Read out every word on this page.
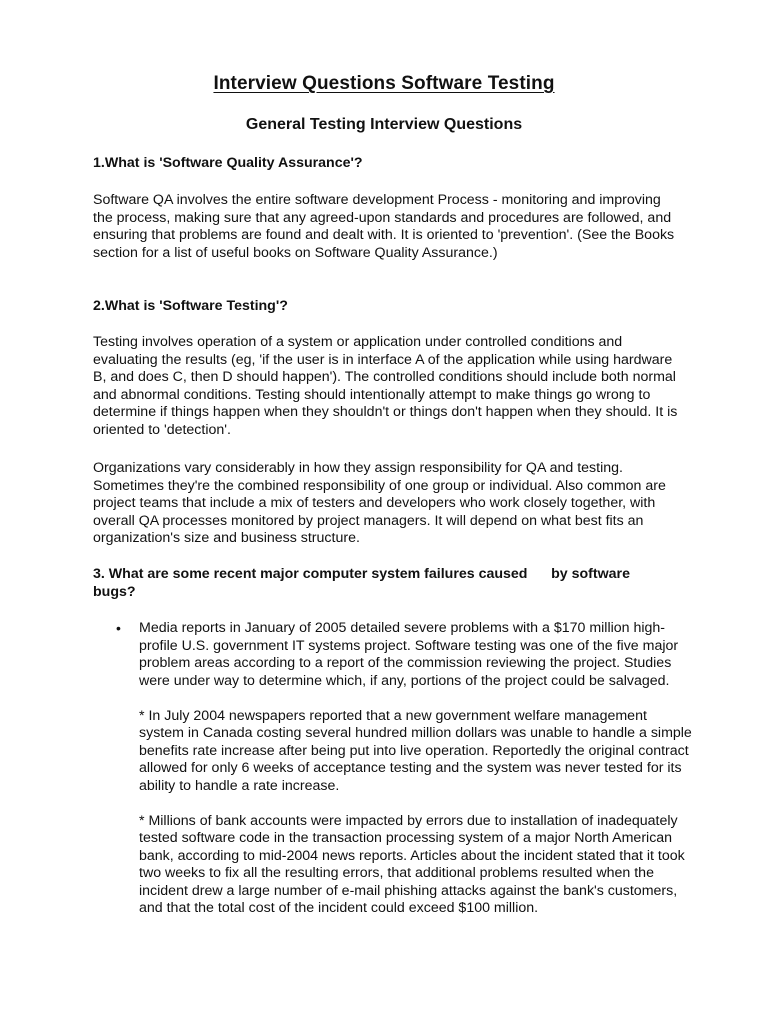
Interview Questions Software Testing
General Testing Interview Questions
1.What is 'Software Quality Assurance'?
Software QA involves the entire software development Process - monitoring and improving the process, making sure that any agreed-upon standards and procedures are followed, and ensuring that problems are found and dealt with. It is oriented to 'prevention'. (See the Books section for a list of useful books on Software Quality Assurance.)
2.What is 'Software Testing'?
Testing involves operation of a system or application under controlled conditions and evaluating the results (eg, 'if the user is in interface A of the application while using hardware B, and does C, then D should happen'). The controlled conditions should include both normal and abnormal conditions. Testing should intentionally attempt to make things go wrong to determine if things happen when they shouldn't or things don't happen when they should. It is oriented to 'detection'.
Organizations vary considerably in how they assign responsibility for QA and testing. Sometimes they're the combined responsibility of one group or individual. Also common are project teams that include a mix of testers and developers who work closely together, with overall QA processes monitored by project managers. It will depend on what best fits an organization's size and business structure.
3. What are some recent major computer system failures caused      by software bugs?
• Media reports in January of 2005 detailed severe problems with a $170 million high-profile U.S. government IT systems project. Software testing was one of the five major problem areas according to a report of the commission reviewing the project. Studies were under way to determine which, if any, portions of the project could be salvaged.

* In July 2004 newspapers reported that a new government welfare management system in Canada costing several hundred million dollars was unable to handle a simple benefits rate increase after being put into live operation. Reportedly the original contract allowed for only 6 weeks of acceptance testing and the system was never tested for its ability to handle a rate increase.

* Millions of bank accounts were impacted by errors due to installation of inadequately tested software code in the transaction processing system of a major North American bank, according to mid-2004 news reports. Articles about the incident stated that it took two weeks to fix all the resulting errors, that additional problems resulted when the incident drew a large number of e-mail phishing attacks against the bank's customers, and that the total cost of the incident could exceed $100 million.
